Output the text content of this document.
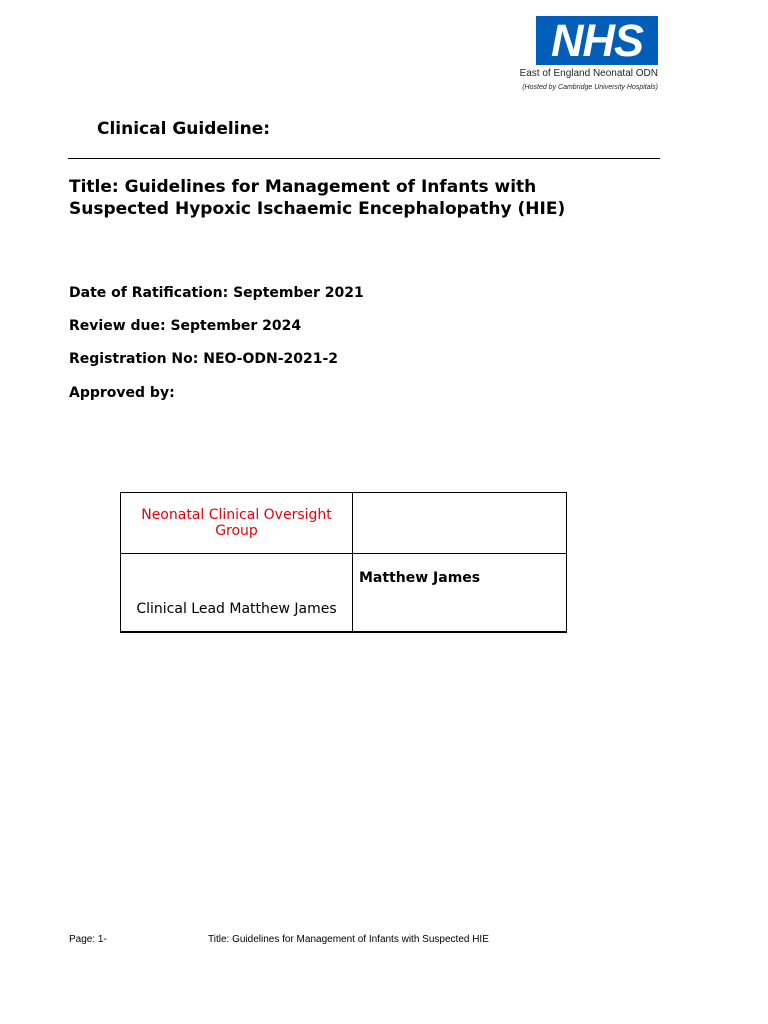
NHS
East of England Neonatal ODN
(Hosted by Cambridge University Hospitals)
Clinical Guideline:
Title: Guidelines for Management of Infants with
Suspected Hypoxic Ischaemic Encephalopathy (HIE)
Date of Ratification: September 2021
Review due: September 2024
Registration No: NEO-ODN-2021-2
Approved by:
Neonatal Clinical Oversight Group	
Clinical Lead Matthew James	Matthew James
Page: 1-	Title: Guidelines for Management of Infants with Suspected HIE
